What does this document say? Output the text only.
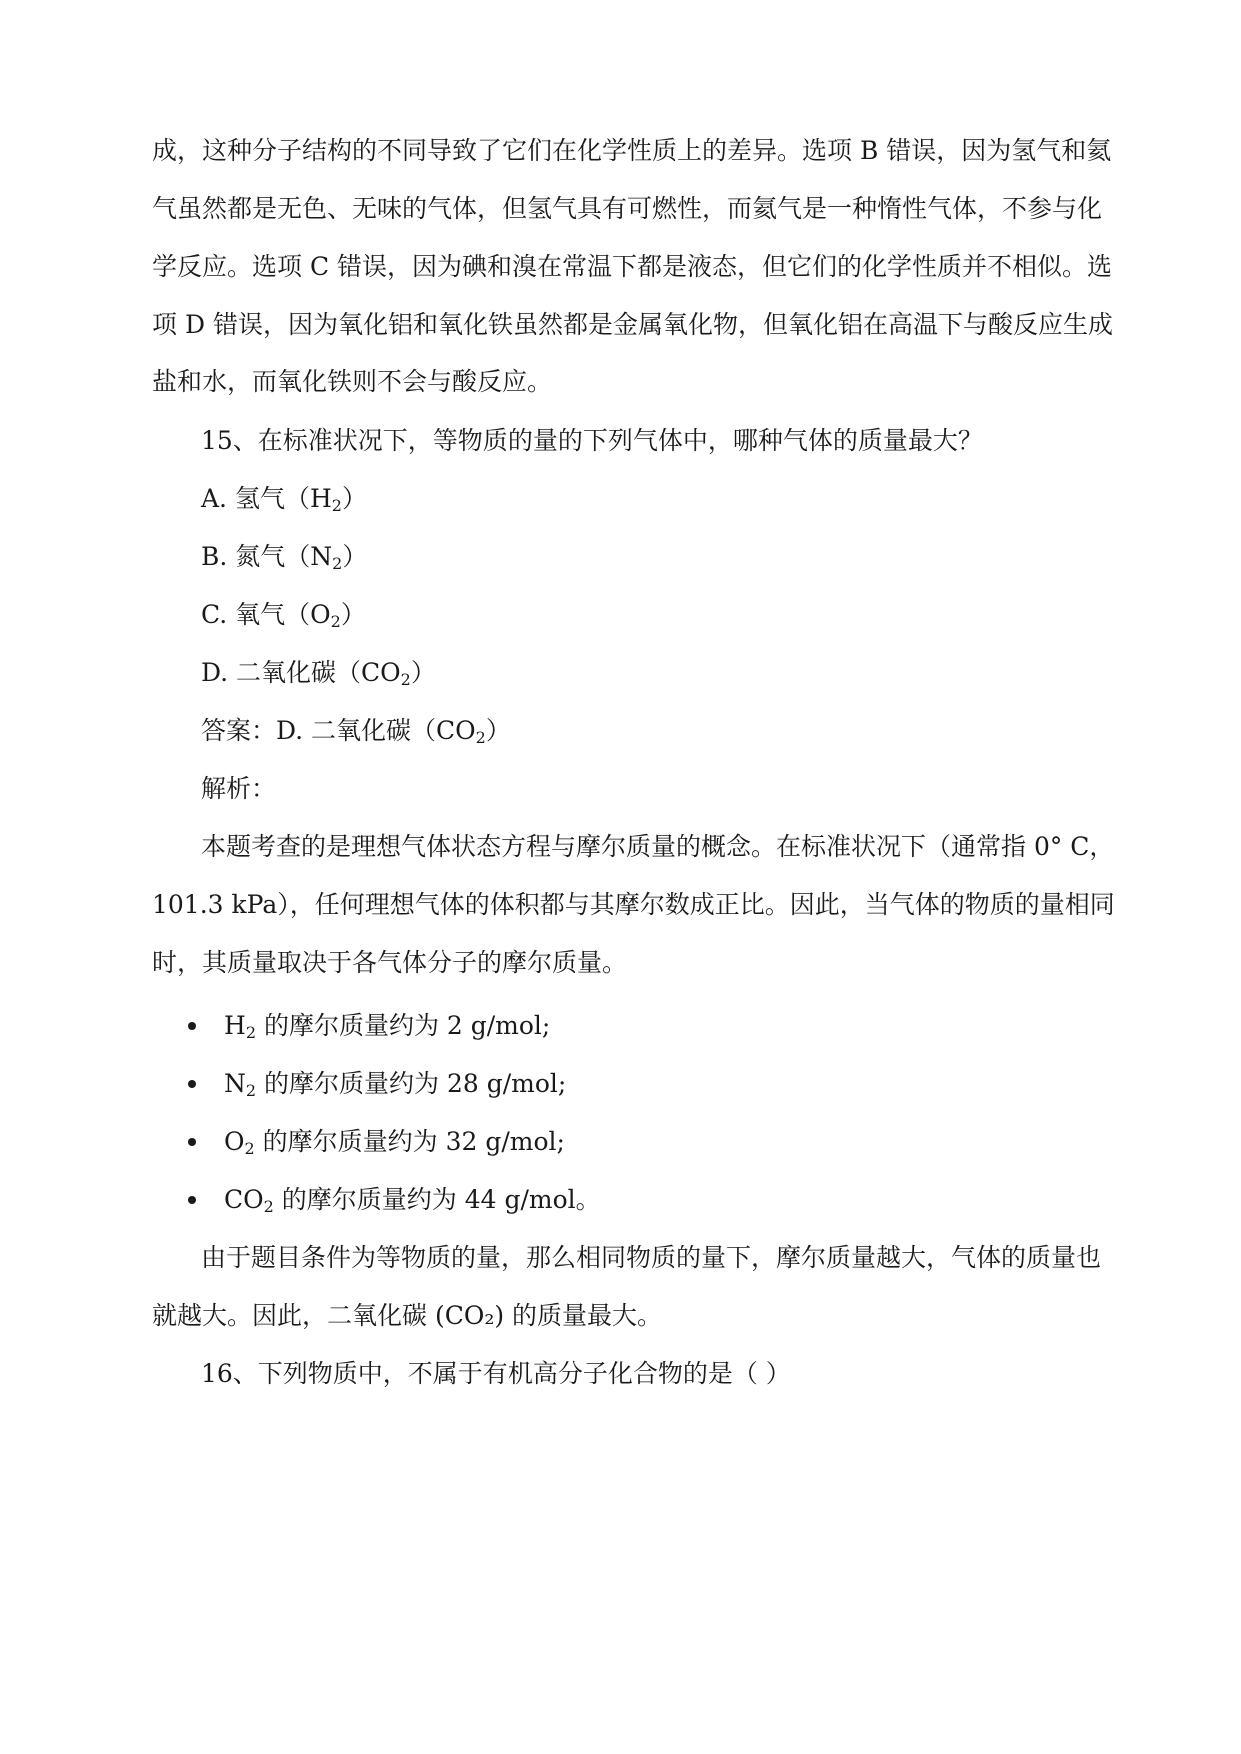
成，这种分子结构的不同导致了它们在化学性质上的差异。选项 B 错误，因为氢气和氦
气虽然都是无色、无味的气体，但氢气具有可燃性，而氦气是一种惰性气体，不参与化
学反应。选项 C 错误，因为碘和溴在常温下都是液态，但它们的化学性质并不相似。选
项 D 错误，因为氧化铝和氧化铁虽然都是金属氧化物，但氧化铝在高温下与酸反应生成
盐和水，而氧化铁则不会与酸反应。
15、在标准状况下，等物质的量的下列气体中，哪种气体的质量最大？
A. 氢气$(H_2)$
B. 氮气$(N_2)$
C. 氧气$(O_2)$
D. 二氧化碳$(CO_2)$
答案：D. 二氧化碳$(CO_2)$
解析：
本题考查的是理想气体状态方程与摩尔质量的概念。在标准状况下（通常指 0° C，
101.3 kPa），任何理想气体的体积都与其摩尔数成正比。因此，当气体的物质的量相同
时，其质量取决于各气体分子的摩尔质量。
$H_2$ 的摩尔质量约为 2 g/mol;
$N_2$ 的摩尔质量约为 28 g/mol;
$O_2$ 的摩尔质量约为 32 g/mol;
$CO_2$ 的摩尔质量约为 44 g/mol。
由于题目条件为等物质的量，那么相同物质的量下，摩尔质量越大，气体的质量也
就越大。因此，二氧化碳 (CO₂) 的质量最大。
16、下列物质中，不属于有机高分子化合物的是（ ）
